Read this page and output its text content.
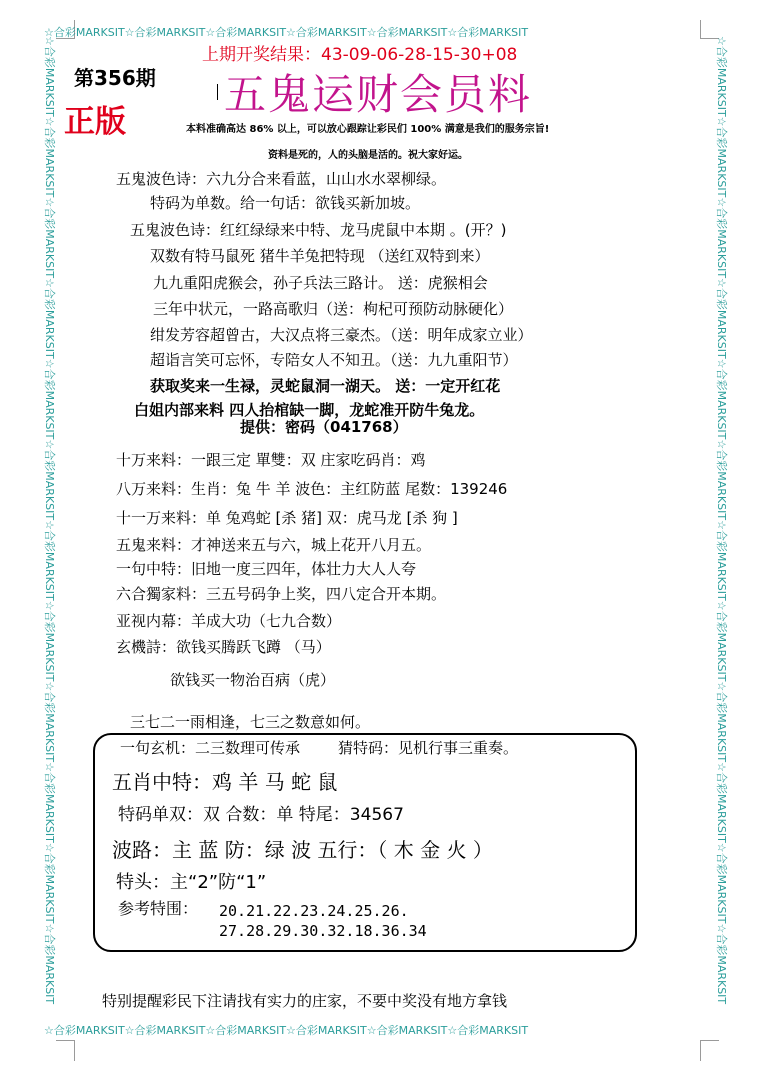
☆合彩MARKSIT☆合彩MARKSIT☆合彩MARKSIT☆合彩MARKSIT☆合彩MARKSIT☆合彩MARKSIT
☆合彩MARKSIT☆合彩MARKSIT☆合彩MARKSIT☆合彩MARKSIT☆合彩MARKSIT☆合彩MARKSIT
☆合彩MARKSIT☆合彩MARKSIT☆合彩MARKSIT☆合彩MARKSIT☆合彩MARKSIT☆合彩MARKSIT☆合彩MARKSIT☆合彩MARKSIT☆合彩MARKSIT☆合彩MARKSIT☆合彩MARKSIT☆合彩MARKSIT	☆合彩MARKSIT☆合彩MARKSIT☆合彩MARKSIT☆合彩MARKSIT☆合彩MARKSIT☆合彩MARKSIT☆合彩MARKSIT☆合彩MARKSIT☆合彩MARKSIT☆合彩MARKSIT☆合彩MARKSIT☆合彩MARKSIT
上期开奖结果：43-09-06-28-15-30+08
第356期
正版
五鬼运财会员料
本料准确高达 86% 以上，可以放心跟踪让彩民们 100% 满意是我们的服务宗旨!
资料是死的，人的头脑是活的。祝大家好运。
五鬼波色诗：六九分合来看蓝，山山水水翠柳绿。
特码为单数。给一句话：欲钱买新加坡。
五鬼波色诗：红红绿绿来中特、龙马虎鼠中本期 。(开？)
双数有特马鼠死 猪牛羊兔把特现 （送红双特到来）
九九重阳虎猴会，孙子兵法三路计。 送：虎猴相会
三年中状元，一路高歌归（送：枸杞可预防动脉硬化）
绀发芳容超曾古，大汉点将三豪杰。（送：明年成家立业）
超诣言笑可忘怀，专陪女人不知丑。（送：九九重阳节）
获取奖来一生禄，灵蛇鼠洞一湖天。 送：一定开红花
白姐内部来料 四人抬棺缺一脚，龙蛇准开防牛兔龙。
提供：密码（041768）
十万来料：一跟三定 單雙：双 庄家吃码肖：鸡
八万来料：生肖：兔 牛 羊 波色：主红防蓝 尾数：139246
十一万来料：单 兔鸡蛇 [杀 猪] 双：虎马龙 [杀 狗 ]
五鬼来料：才神送来五与六，城上花开八月五。
一句中特：旧地一度三四年，体壮力大人人夸
六合獨家料：三五号码争上奖，四八定合开本期。
亚视内幕：羊成大功（七九合数）
玄機詩：欲钱买腾跃飞蹲 （马）
欲钱买一物治百病（虎）
三七二一雨相逢，七三之数意如何。
一句玄机：二三数理可传承	猜特码：见机行事三重奏。
五肖中特：鸡 羊 马 蛇 鼠
特码单双：双 合数：单 特尾：34567
波路：主 蓝 防：绿 波 五行：（ 木 金 火 ）
特头：主“2”防“1”
参考特围： 20.21.22.23.24.25.26.
27.28.29.30.32.18.36.34
特别提醒彩民下注请找有实力的庄家，不要中奖没有地方拿钱
